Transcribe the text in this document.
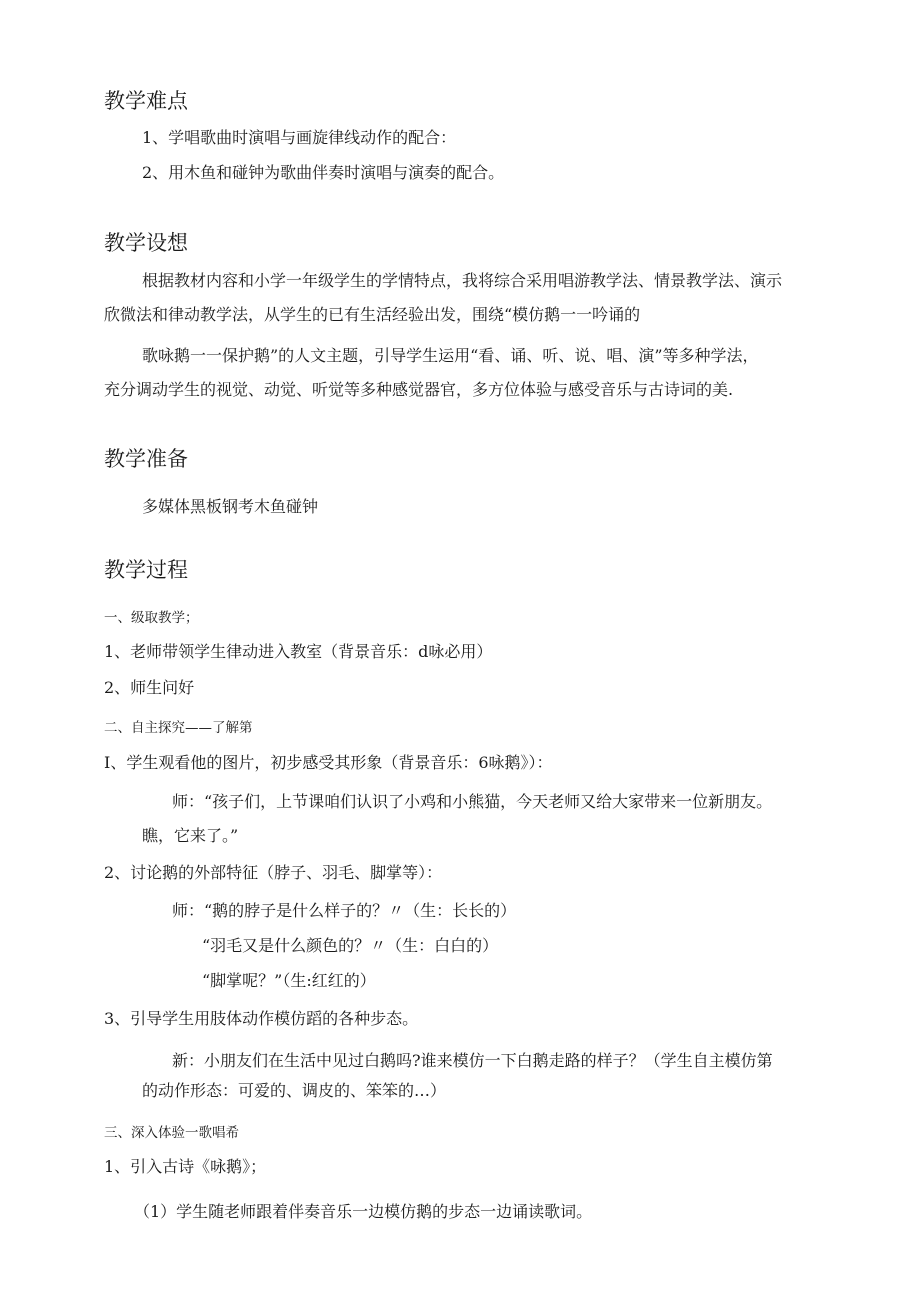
教学难点
1、学唱歌曲时演唱与画旋律线动作的配合：
2、用木鱼和碰钟为歌曲伴奏时演唱与演奏的配合。
教学设想
根据教材内容和小学一年级学生的学情特点，我将综合采用唱游教学法、情景教学法、演示
欣微法和律动教学法，从学生的已有生活经验出发，围绕“模仿鹅一一吟诵的
歌咏鹅一一保护鹅”的人文主题，引导学生运用“看、诵、听、说、唱、演”等多种学法，
充分调动学生的视觉、动觉、听觉等多种感觉器官，多方位体验与感受音乐与古诗词的美.
教学准备
多媒体黑板钢考木鱼碰钟
教学过程
一、级取教学；
1、老师带领学生律动进入教室（背景音乐：d咏必用）
2、师生问好
二、自主探究——了解第
I、学生观看他的图片，初步感受其形象（背景音乐：6咏鹅》）：
师：“孩子们，上节课咱们认识了小鸡和小熊猫，今天老师又给大家带来一位新朋友。
瞧，它来了。”
2、讨论鹅的外部特征（脖子、羽毛、脚掌等）：
师：“鹅的脖子是什么样子的？〃（生：长长的）
“羽毛又是什么颜色的？〃（生：白白的）
“脚掌呢？”（生:红红的）
3、引导学生用肢体动作模仿蹈的各种步态。
新：小朋友们在生活中见过白鹅吗?谁来模仿一下白鹅走路的样子？（学生自主模仿第
的动作形态：可爱的、调皮的、笨笨的…）
三、深入体验一歌唱希
1、引入古诗《咏鹅》；
（1）学生随老师跟着伴奏音乐一边模仿鹅的步态一边诵读歌词。
